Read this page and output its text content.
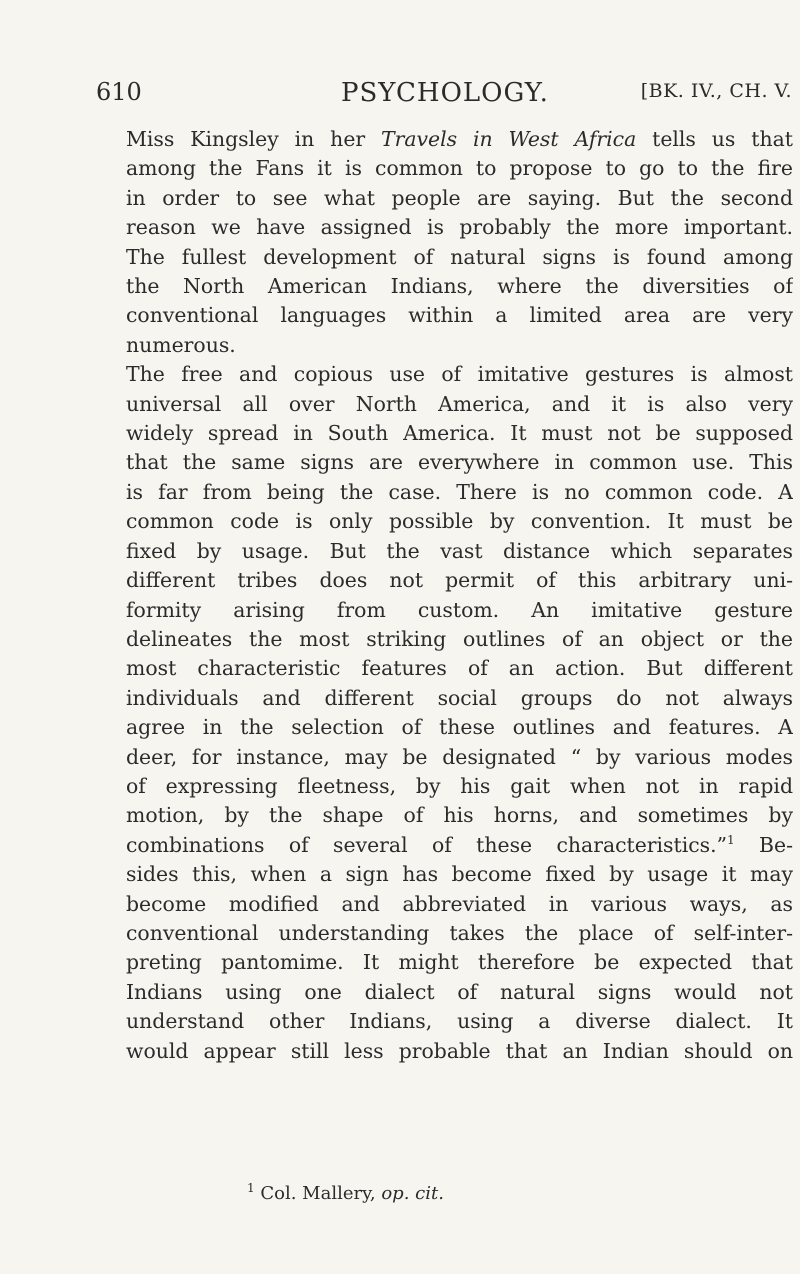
610	PSYCHOLOGY.	[BK. IV., CH. V.
Miss Kingsley in her Travels in West Africa tells us that
among the Fans it is common to propose to go to the fire
in order to see what people are saying. But the second
reason we have assigned is probably the more important.
The fullest development of natural signs is found among
the North American Indians, where the diversities of
conventional languages within a limited area are very
numerous.
The free and copious use of imitative gestures is almost
universal all over North America, and it is also very
widely spread in South America. It must not be supposed
that the same signs are everywhere in common use. This
is far from being the case. There is no common code. A
common code is only possible by convention. It must be
fixed by usage. But the vast distance which separates
different tribes does not permit of this arbitrary uni-
formity arising from custom. An imitative gesture
delineates the most striking outlines of an object or the
most characteristic features of an action. But different
individuals and different social groups do not always
agree in the selection of these outlines and features. A
deer, for instance, may be designated “ by various modes
of expressing fleetness, by his gait when not in rapid
motion, by the shape of his horns, and sometimes by
combinations of several of these characteristics.”$^1$ Be-
sides this, when a sign has become fixed by usage it may
become modified and abbreviated in various ways, as
conventional understanding takes the place of self-inter-
preting pantomime. It might therefore be expected that
Indians using one dialect of natural signs would not
understand other Indians, using a diverse dialect. It
would appear still less probable that an Indian should on
$^1$ Col. Mallery, op. cit.
